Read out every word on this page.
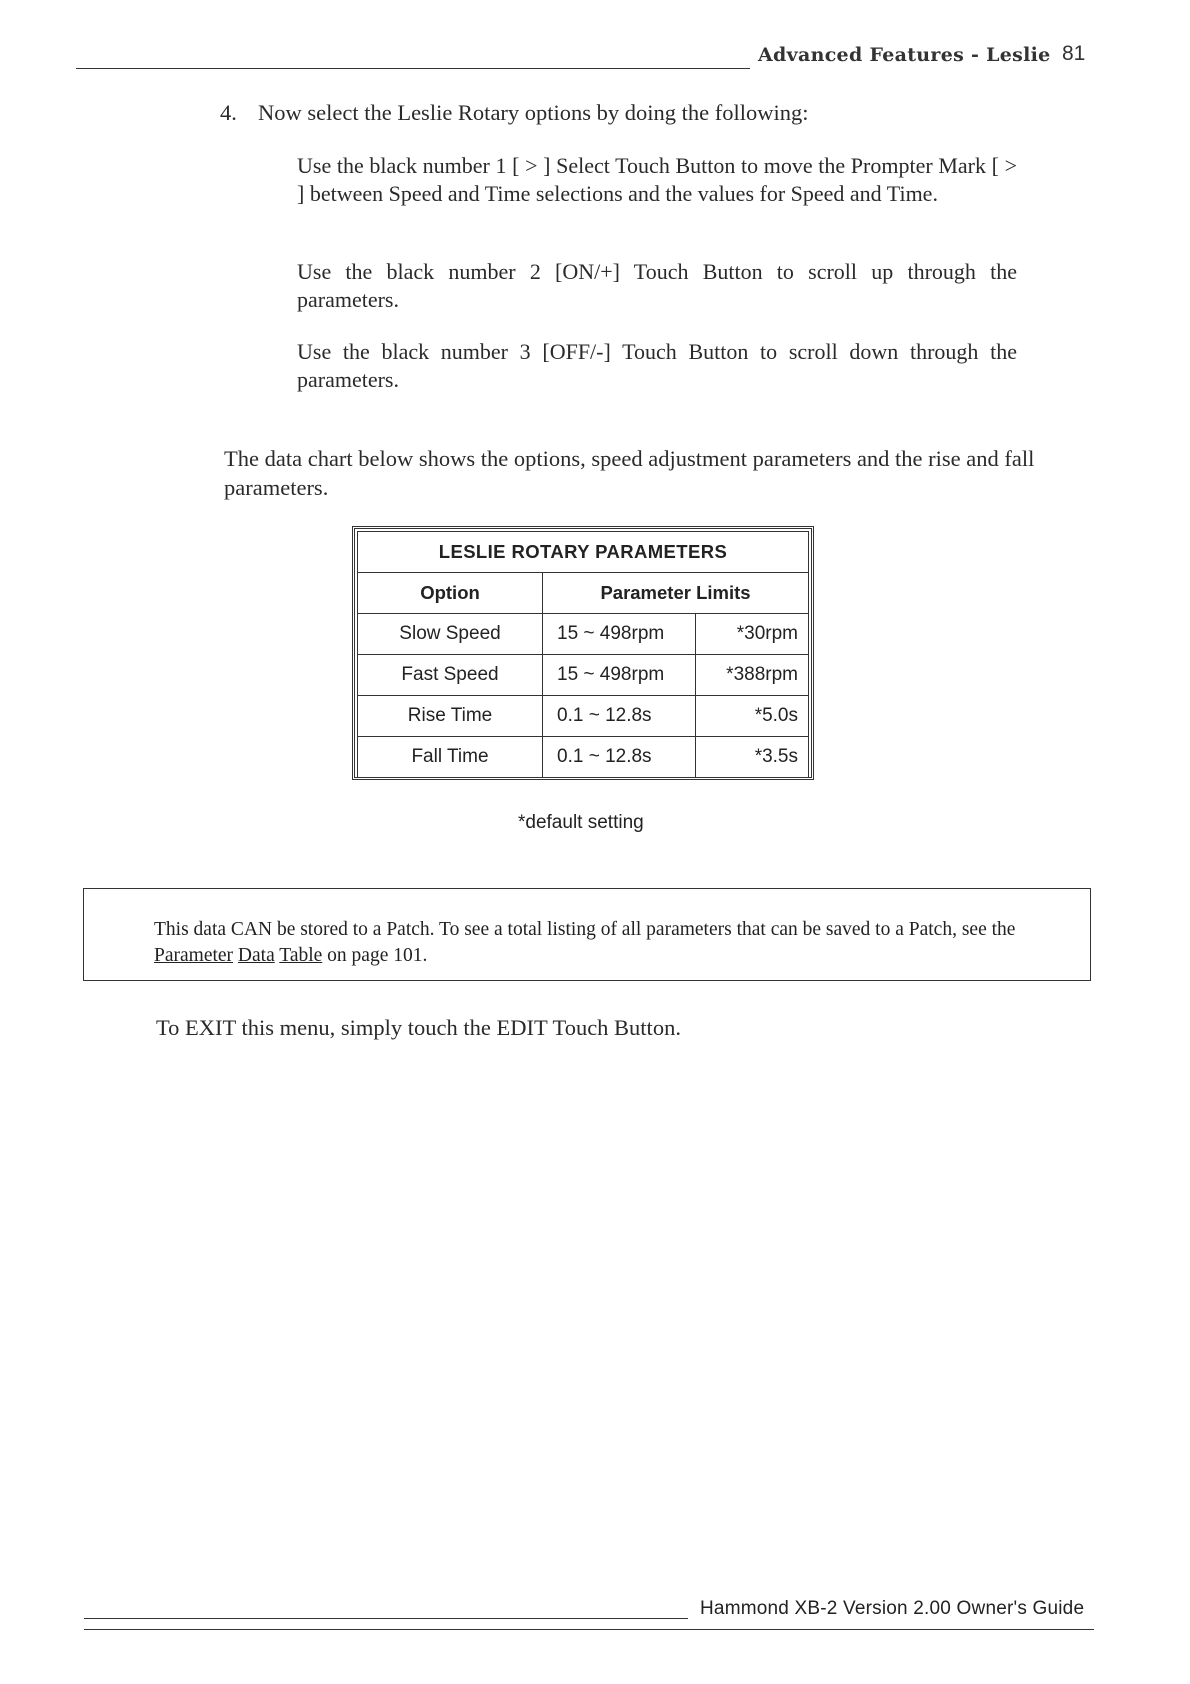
Advanced Features - Leslie 81
4. Now select the Leslie Rotary options by doing the following:
Use the black number 1 [ > ] Select Touch Button to move the Prompter Mark [ > ] between Speed and Time selections and the values for Speed and Time.
Use the black number 2 [ON/+] Touch Button to scroll up through the parameters.
Use the black number 3 [OFF/-] Touch Button to scroll down through the parameters.
The data chart below shows the options, speed adjustment parameters and the rise and fall parameters.
LESLIE ROTARY PARAMETERS		
Option	Parameter Limits	
Slow Speed	15 ~ 498rpm	*30rpm
Fast Speed	15 ~ 498rpm	*388rpm
Rise Time	0.1 ~ 12.8s	*5.0s
Fall Time	0.1 ~ 12.8s	*3.5s
*default setting
This data CAN be stored to a Patch. To see a total listing of all parameters that can be saved to a Patch, see the Parameter Data Table on page 101.
To EXIT this menu, simply touch the EDIT Touch Button.
Hammond XB-2 Version 2.00 Owner's Guide
